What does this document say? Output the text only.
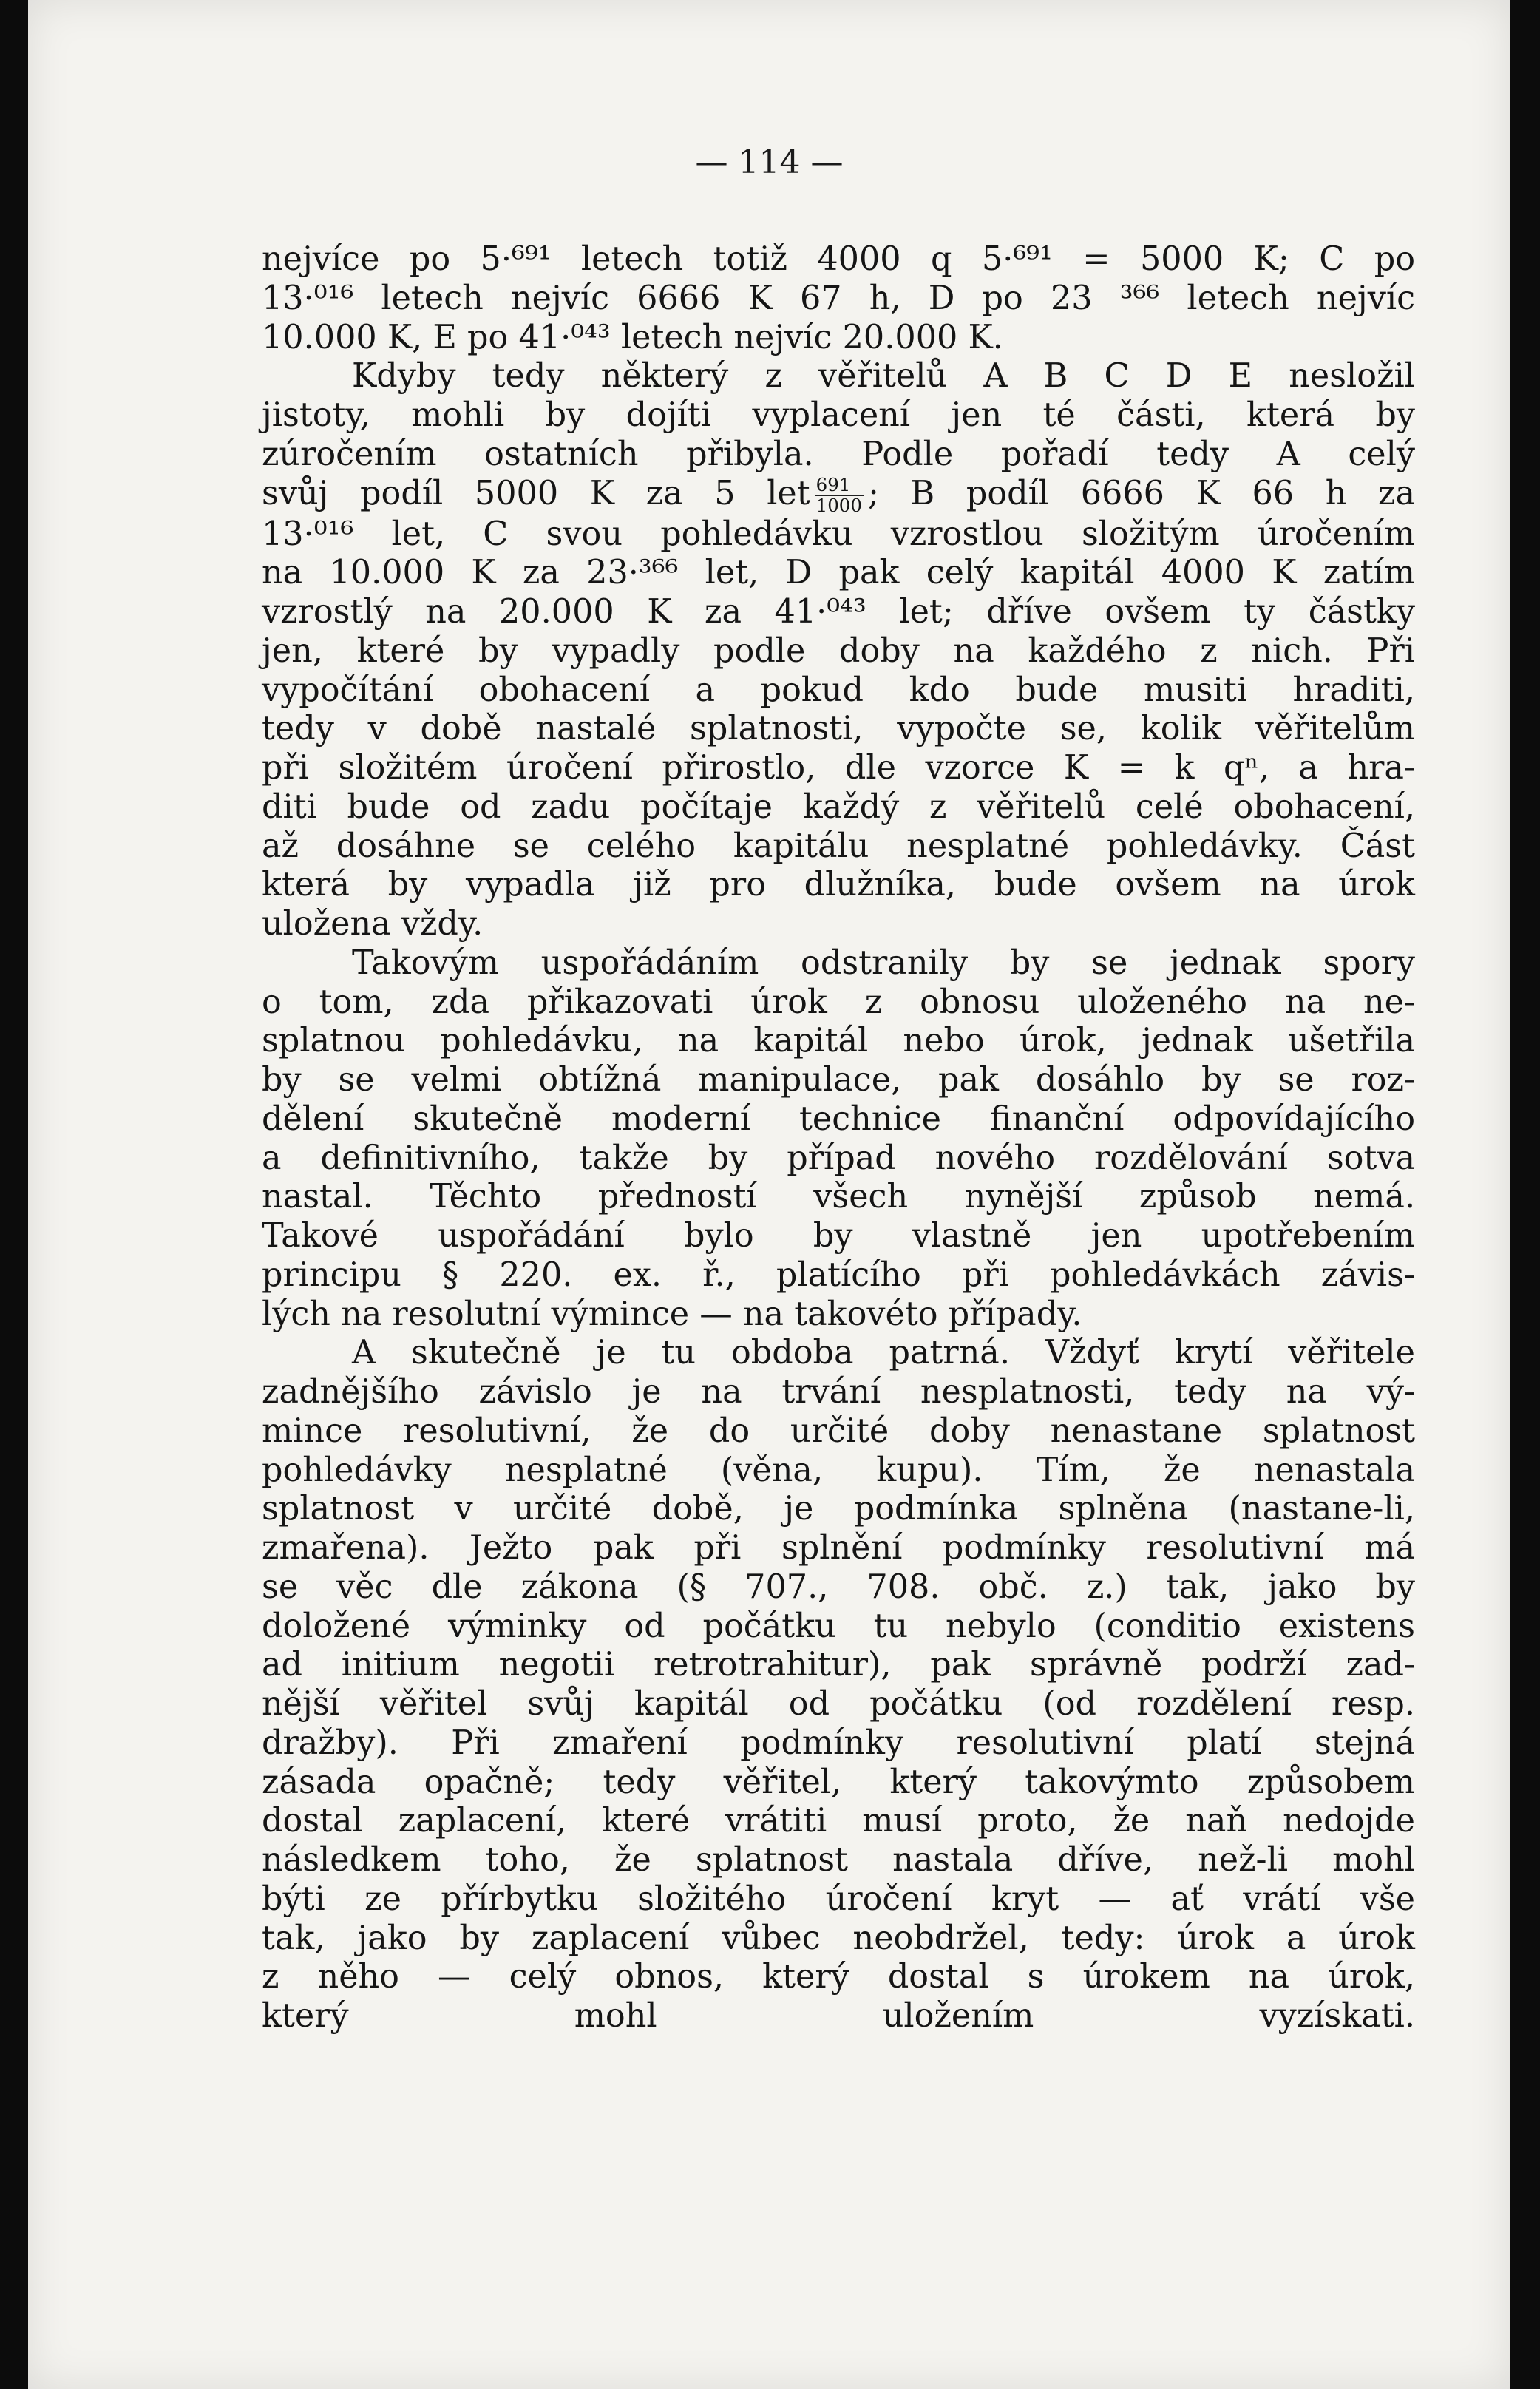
— 114 —

nejvíce po 5·⁶⁹¹ letech totiž 4000 q 5·⁶⁹¹ = 5000 K; C po
13·⁰¹⁶ letech nejvíc 6666 K 67 h, D po 23 ³⁶⁶ letech nejvíc
10.000 K, E po 41·⁰⁴³ letech nejvíc 20.000 K.

Kdyby tedy některý z věřitelů A B C D E nesložil
jistoty, mohli by dojíti vyplacení jen té části, která by
zúročením ostatních přibyla. Podle pořadí tedy A celý
svůj podíl 5000 K za 5 let $\frac{691}{1000}$ ; B podíl 6666 K 66 h za
13·⁰¹⁶ let, C svou pohledávku vzrostlou složitým úročením
na 10.000 K za 23·³⁶⁶ let, D pak celý kapitál 4000 K zatím
vzrostlý na 20.000 K za 41·⁰⁴³ let; dříve ovšem ty částky
jen, které by vypadly podle doby na každého z nich. Při
vypočítání obohacení a pokud kdo bude musiti hraditi,
tedy v době nastalé splatnosti, vypočte se, kolik věřitelům
při složitém úročení přirostlo, dle vzorce K = k qⁿ, a hra-
diti bude od zadu počítaje každý z věřitelů celé obohacení,
až dosáhne se celého kapitálu nesplatné pohledávky. Část
která by vypadla již pro dlužníka, bude ovšem na úrok
uložena vždy.

Takovým uspořádáním odstranily by se jednak spory
o tom, zda přikazovati úrok z obnosu uloženého na ne-
splatnou pohledávku, na kapitál nebo úrok, jednak ušetřila
by se velmi obtížná manipulace, pak dosáhlo by se roz-
dělení skutečně moderní technice finanční odpovídajícího
a definitivního, takže by případ nového rozdělování sotva
nastal. Těchto předností všech nynější způsob nemá.
Takové uspořádání bylo by vlastně jen upotřebením
principu § 220. ex. ř., platícího při pohledávkách závis-
lých na resolutní výmince — na takovéto případy.

A skutečně je tu obdoba patrná. Vždyť krytí věřitele
zadnějšího závislo je na trvání nesplatnosti, tedy na vý-
mince resolutivní, že do určité doby nenastane splatnost
pohledávky nesplatné (věna, kupu). Tím, že nenastala
splatnost v určité době, je podmínka splněna (nastane-li,
zmařena). Ježto pak při splnění podmínky resolutivní má
se věc dle zákona (§ 707., 708. obč. z.) tak, jako by
doložené výminky od počátku tu nebylo (conditio existens
ad initium negotii retrotrahitur), pak správně podrží zad-
nější věřitel svůj kapitál od počátku (od rozdělení resp.
dražby). Při zmaření podmínky resolutivní platí stejná
zásada opačně; tedy věřitel, který takovýmto způsobem
dostal zaplacení, které vrátiti musí proto, že naň nedojde
následkem toho, že splatnost nastala dříve, než-li mohl
býti ze přírbytku složitého úročení kryt — ať vrátí vše
tak, jako by zaplacení vůbec neobdržel, tedy: úrok a úrok
z něho — celý obnos, který dostal s úrokem na úrok,
který mohl uložením vyzískati.
